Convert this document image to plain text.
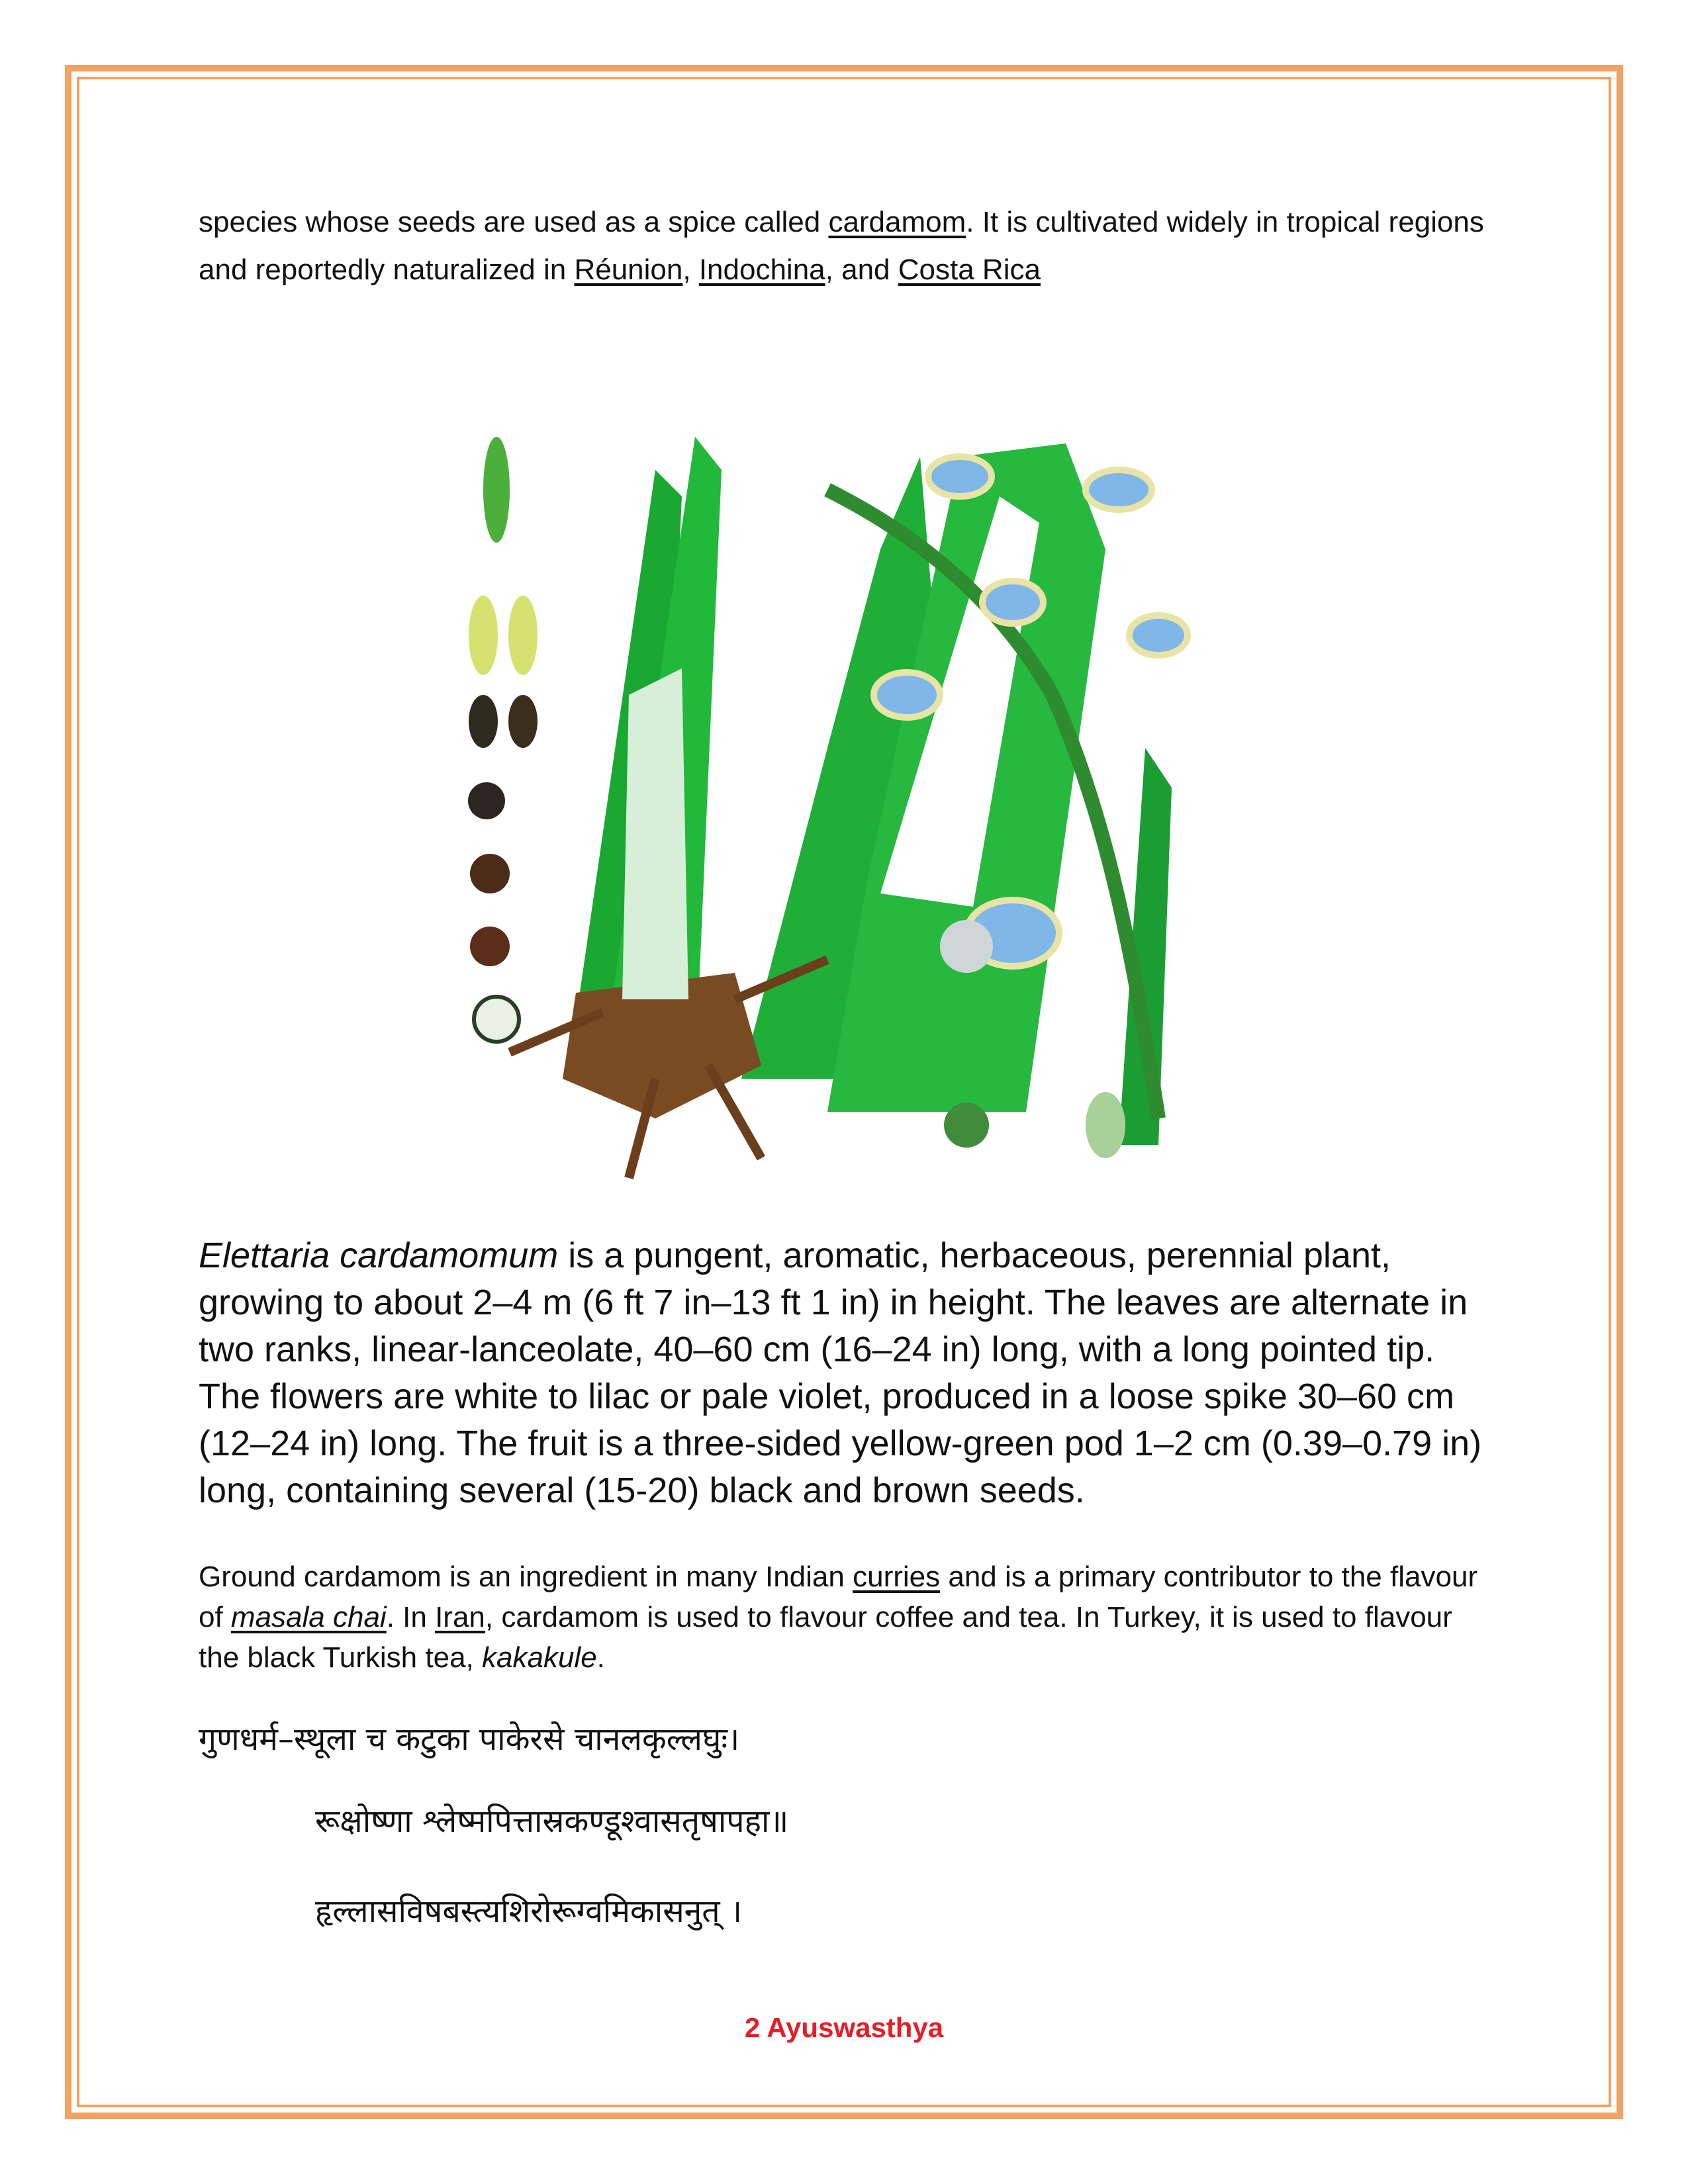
species whose seeds are used as a spice called cardamom. It is cultivated widely in tropical regions and reportedly naturalized in Réunion, Indochina, and Costa Rica

Elettaria cardamomum is a pungent, aromatic, herbaceous, perennial plant, growing to about 2–4 m (6 ft 7 in–13 ft 1 in) in height. The leaves are alternate in two ranks, linear-lanceolate, 40–60 cm (16–24 in) long, with a long pointed tip. The flowers are white to lilac or pale violet, produced in a loose spike 30–60 cm (12–24 in) long. The fruit is a three-sided yellow-green pod 1–2 cm (0.39–0.79 in) long, containing several (15-20) black and brown seeds.

Ground cardamom is an ingredient in many Indian curries and is a primary contributor to the flavour of masala chai. In Iran, cardamom is used to flavour coffee and tea. In Turkey, it is used to flavour the black Turkish tea, kakakule.

गुणधर्म–स्थूला च कटुका पाकेरसे चानलकृल्लघुः।
रूक्षोष्णा श्लेष्मपित्तास्रकण्डूश्वासतृषापहा॥
हृल्लासविषबस्त्यशिरोरूग्वमिकासनुत् ।
2 Ayuswasthya
